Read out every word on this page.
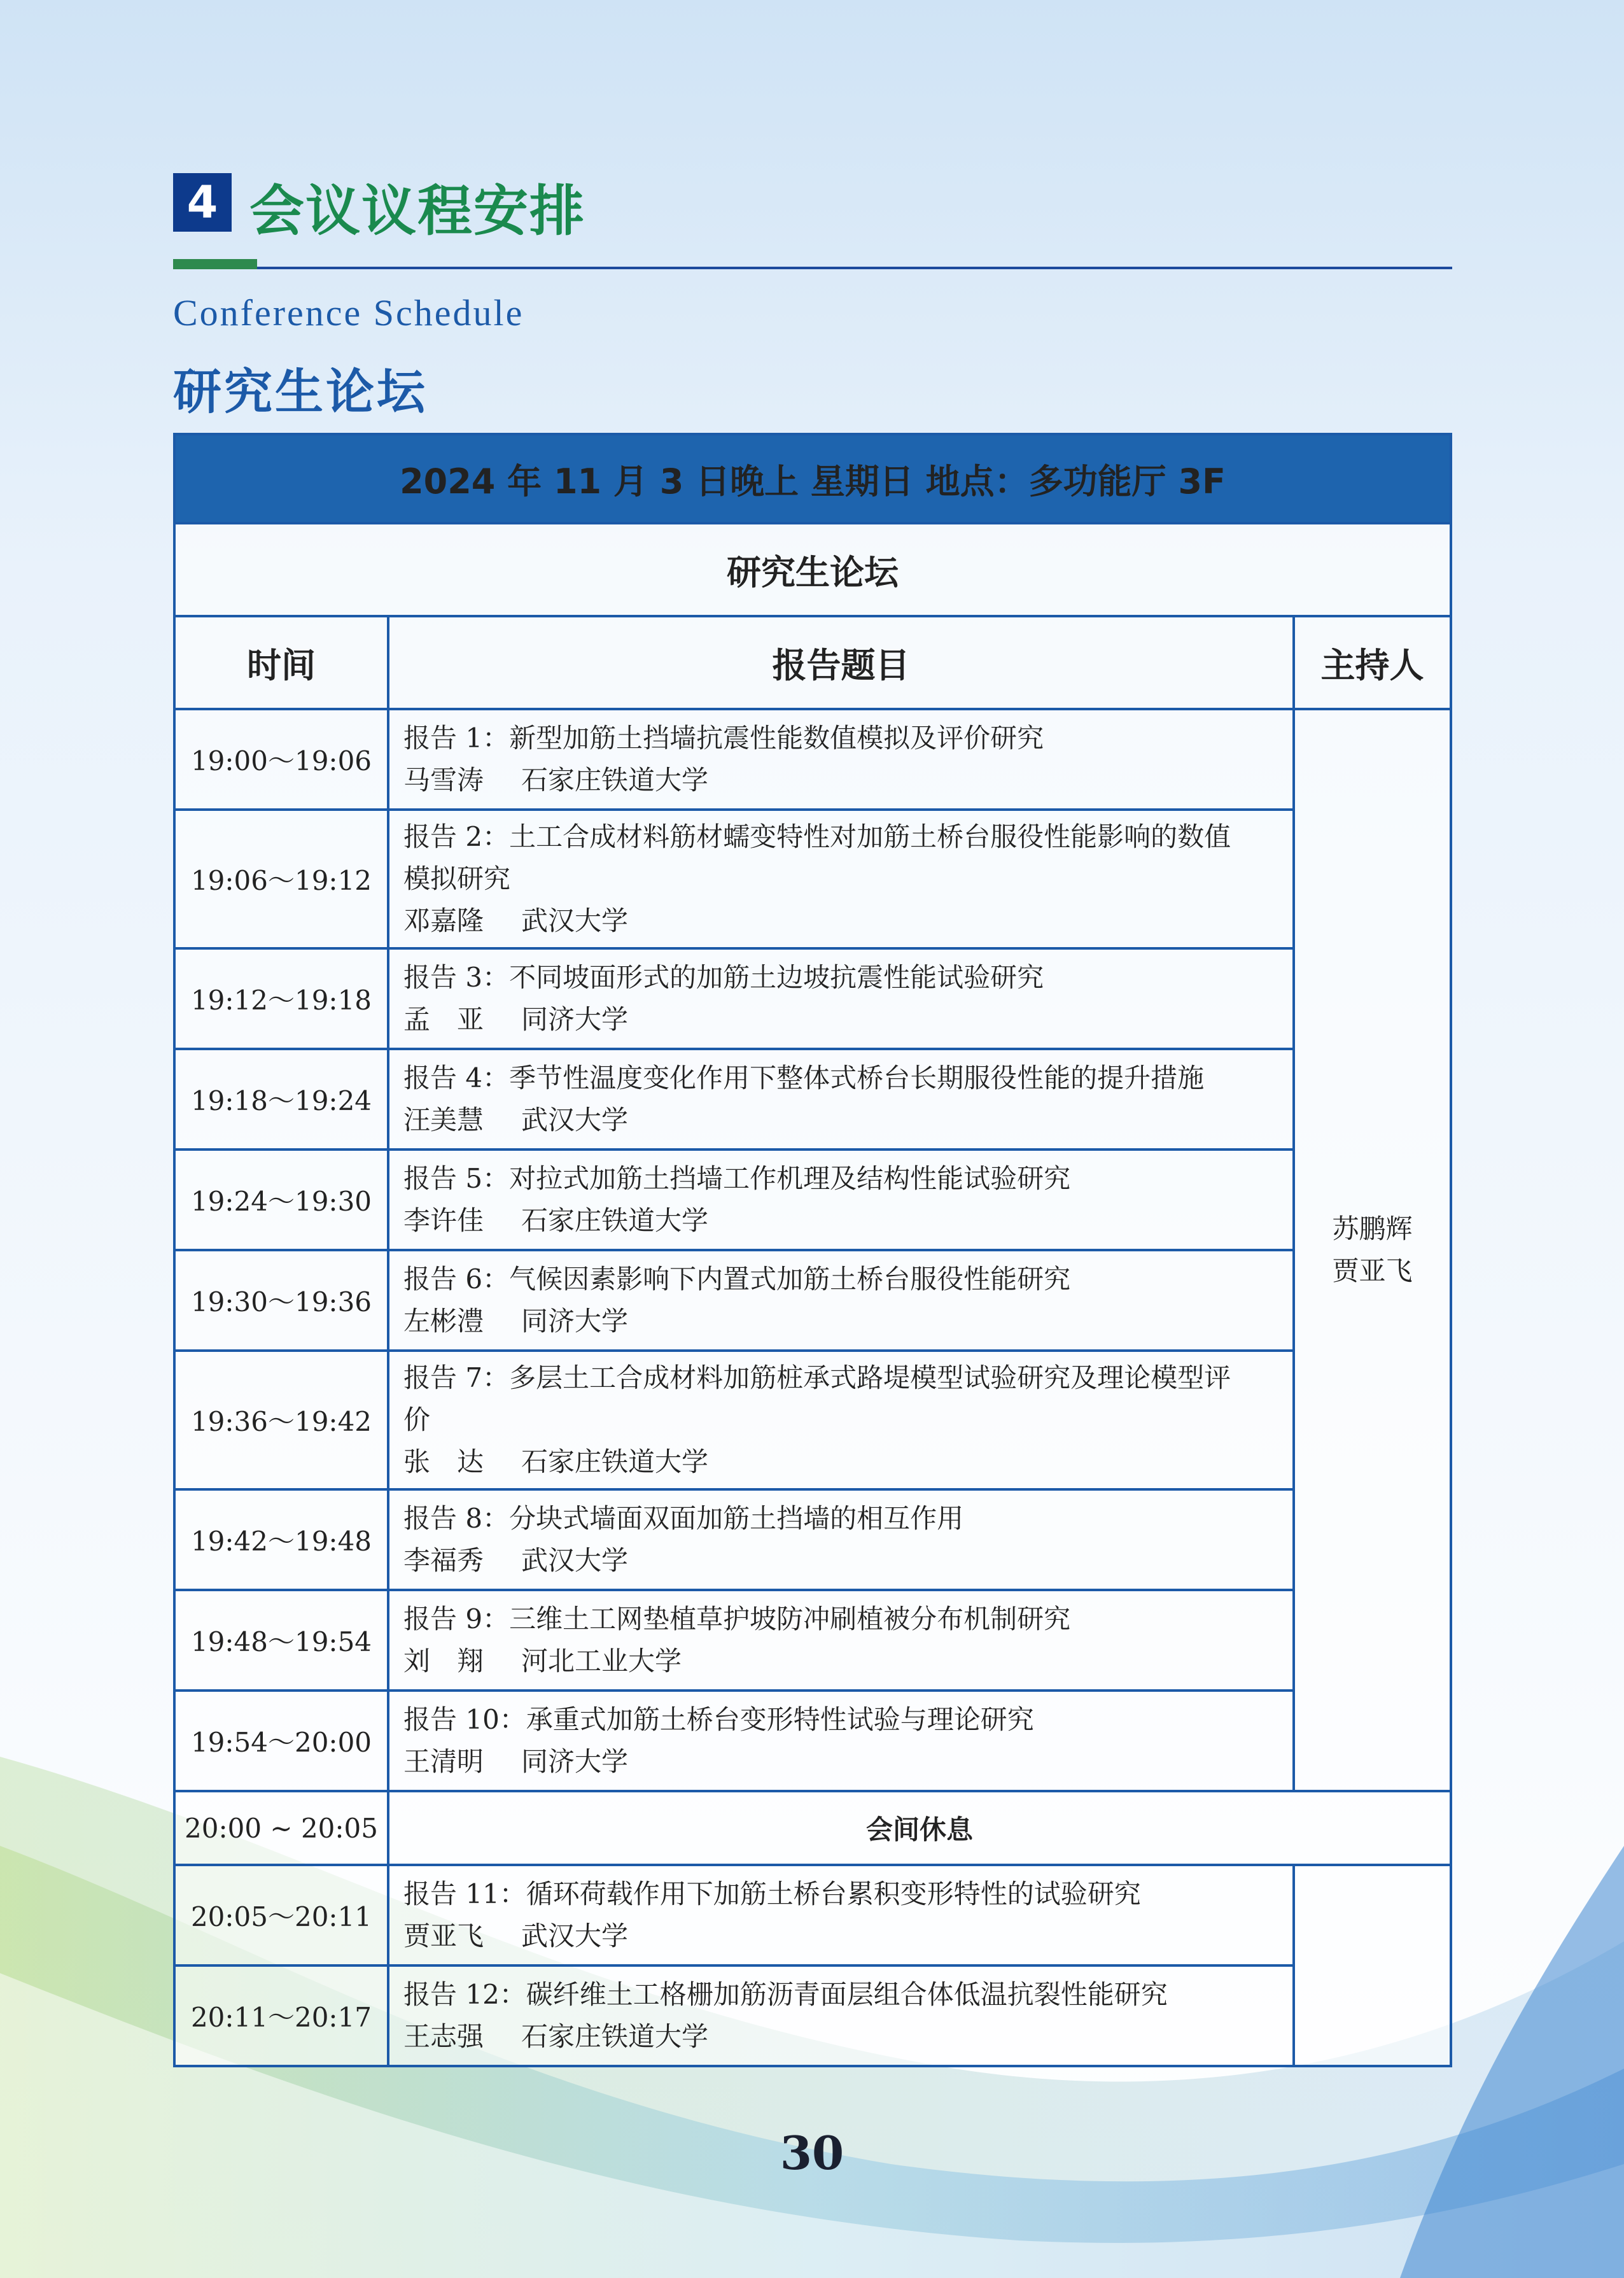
4 会议议程安排
Conference Schedule
研究生论坛
2024 年 11 月 3 日晚上 星期日 地点：多功能厅 3F		
研究生论坛		
时间	报告题目	主持人
19:00～19:06	报告 1：新型加筋土挡墙抗震性能数值模拟及评价研究
马雪涛 石家庄铁道大学	苏鹏辉
贾亚飞

19:06～19:12	报告 2：土工合成材料筋材蠕变特性对加筋土桥台服役性能影响的数值
模拟研究
邓嘉隆 武汉大学	

19:12～19:18	报告 3：不同坡面形式的加筋土边坡抗震性能试验研究
孟　亚 同济大学	

19:18～19:24	报告 4：季节性温度变化作用下整体式桥台长期服役性能的提升措施
汪美慧 武汉大学	

19:24～19:30	报告 5：对拉式加筋土挡墙工作机理及结构性能试验研究
李许佳 石家庄铁道大学	

19:30～19:36	报告 6：气候因素影响下内置式加筋土桥台服役性能研究
左彬澧 同济大学	

19:36～19:42	报告 7：多层土工合成材料加筋桩承式路堤模型试验研究及理论模型评
价
张　达 石家庄铁道大学	

19:42～19:48	报告 8：分块式墙面双面加筋土挡墙的相互作用
李福秀 武汉大学	

19:48～19:54	报告 9：三维土工网垫植草护坡防冲刷植被分布机制研究
刘　翔 河北工业大学	

19:54～20:00	报告 10：承重式加筋土桥台变形特性试验与理论研究
王清明 同济大学	

20:00 ~ 20:05	会间休息	
20:05～20:11	报告 11：循环荷载作用下加筋土桥台累积变形特性的试验研究
贾亚飞 武汉大学	

20:11～20:17	报告 12：碳纤维土工格栅加筋沥青面层组合体低温抗裂性能研究
王志强 石家庄铁道大学	
30
